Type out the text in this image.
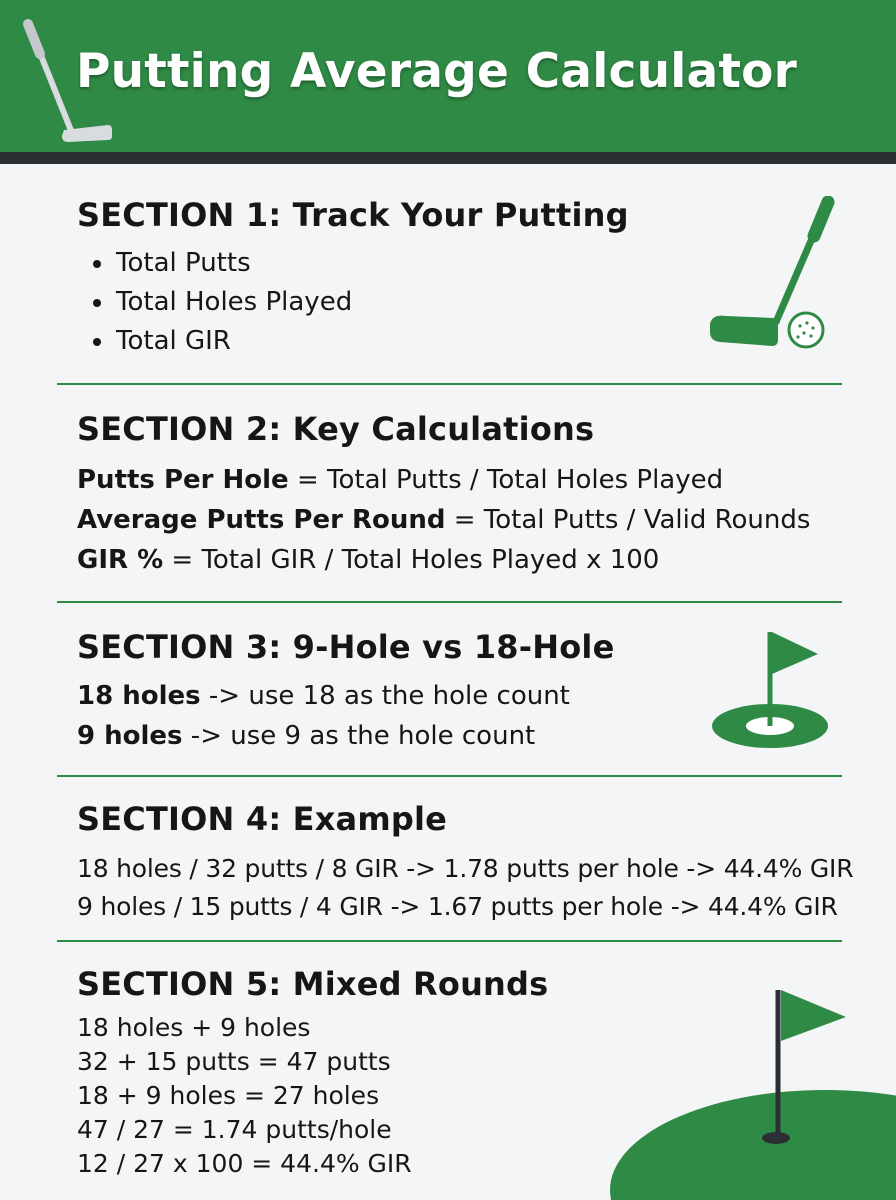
Putting Average Calculator
SECTION 1: Track Your Putting
Total Putts
Total Holes Played
Total GIR
SECTION 2: Key Calculations
Putts Per Hole = Total Putts / Total Holes Played
Average Putts Per Round = Total Putts / Valid Rounds
GIR % = Total GIR / Total Holes Played x 100
SECTION 3: 9-Hole vs 18-Hole
18 holes -> use 18 as the hole count
9 holes -> use 9 as the hole count
SECTION 4: Example
18 holes / 32 putts / 8 GIR -> 1.78 putts per hole -> 44.4% GIR
9 holes / 15 putts / 4 GIR -> 1.67 putts per hole -> 44.4% GIR
SECTION 5: Mixed Rounds
18 holes + 9 holes
32 + 15 putts = 47 putts
18 + 9 holes = 27 holes
47 / 27 = 1.74 putts/hole
12 / 27 x 100 = 44.4% GIR
